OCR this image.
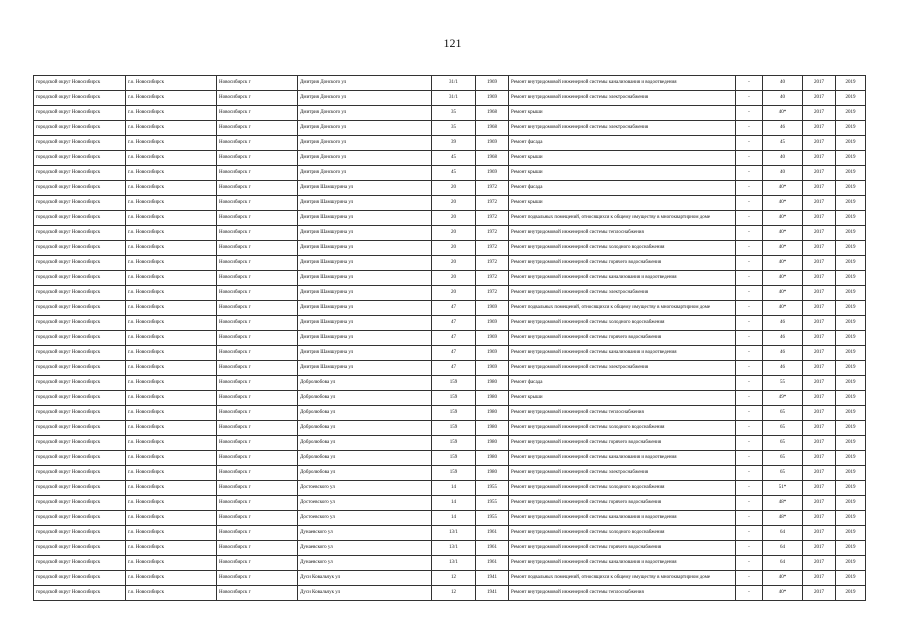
121
городской округ Новосибирск	г.о. Новосибирск	Новосибирск г	Дмитрия Донского ул	31/1	1969	Ремонт внутридомовой инженерной системы канализования и водоотведения	-	40	2017	2019
городской округ Новосибирск	г.о. Новосибирск	Новосибирск г	Дмитрия Донского ул	31/1	1969	Ремонт внутридомовой инженерной системы электроснабжения	-	40	2017	2019
городской округ Новосибирск	г.о. Новосибирск	Новосибирск г	Дмитрия Донского ул	35	1968	Ремонт крыши	-	40*	2017	2019
городской округ Новосибирск	г.о. Новосибирск	Новосибирск г	Дмитрия Донского ул	35	1968	Ремонт внутридомовой инженерной системы электроснабжения	-	46	2017	2019
городской округ Новосибирск	г.о. Новосибирск	Новосибирск г	Дмитрия Донского ул	39	1969	Ремонт фасада	-	45	2017	2019
городской округ Новосибирск	г.о. Новосибирск	Новосибирск г	Дмитрия Донского ул	45	1968	Ремонт крыши	-	40	2017	2019
городской округ Новосибирск	г.о. Новосибирск	Новосибирск г	Дмитрия Донского ул	45	1969	Ремонт крыши	-	40	2017	2019
городской округ Новосибирск	г.о. Новосибирск	Новосибирск г	Дмитрия Шамшурина ул	20	1972	Ремонт фасада	-	40*	2017	2019
городской округ Новосибирск	г.о. Новосибирск	Новосибирск г	Дмитрия Шамшурина ул	20	1972	Ремонт крыши	-	40*	2017	2019
городской округ Новосибирск	г.о. Новосибирск	Новосибирск г	Дмитрия Шамшурина ул	20	1972	Ремонт подвальных помещений, относящихся к общему имуществу в многоквартирном доме	-	40*	2017	2019
городской округ Новосибирск	г.о. Новосибирск	Новосибирск г	Дмитрия Шамшурина ул	20	1972	Ремонт внутридомовой инженерной системы теплоснабжения	-	40*	2017	2019
городской округ Новосибирск	г.о. Новосибирск	Новосибирск г	Дмитрия Шамшурина ул	20	1972	Ремонт внутридомовой инженерной системы холодного водоснабжения	-	40*	2017	2019
городской округ Новосибирск	г.о. Новосибирск	Новосибирск г	Дмитрия Шамшурина ул	20	1972	Ремонт внутридомовой инженерной системы горячего водоснабжения	-	40*	2017	2019
городской округ Новосибирск	г.о. Новосибирск	Новосибирск г	Дмитрия Шамшурина ул	20	1972	Ремонт внутридомовой инженерной системы канализования и водоотведения	-	40*	2017	2019
городской округ Новосибирск	г.о. Новосибирск	Новосибирск г	Дмитрия Шамшурина ул	20	1972	Ремонт внутридомовой инженерной системы электроснабжения	-	40*	2017	2019
городской округ Новосибирск	г.о. Новосибирск	Новосибирск г	Дмитрия Шамшурина ул	47	1969	Ремонт подвальных помещений, относящихся к общему имуществу в многоквартирном доме	-	40*	2017	2019
городской округ Новосибирск	г.о. Новосибирск	Новосибирск г	Дмитрия Шамшурина ул	47	1969	Ремонт внутридомовой инженерной системы холодного водоснабжения	-	46	2017	2019
городской округ Новосибирск	г.о. Новосибирск	Новосибирск г	Дмитрия Шамшурина ул	47	1969	Ремонт внутридомовой инженерной системы горячего водоснабжения	-	46	2017	2019
городской округ Новосибирск	г.о. Новосибирск	Новосибирск г	Дмитрия Шамшурина ул	47	1969	Ремонт внутридомовой инженерной системы канализования и водоотведения	-	46	2017	2019
городской округ Новосибирск	г.о. Новосибирск	Новосибирск г	Дмитрия Шамшурина ул	47	1969	Ремонт внутридомовой инженерной системы электроснабжения	-	46	2017	2019
городской округ Новосибирск	г.о. Новосибирск	Новосибирск г	Добролюбова ул	159	1980	Ремонт фасада	-	55	2017	2019
городской округ Новосибирск	г.о. Новосибирск	Новосибирск г	Добролюбова ул	159	1980	Ремонт крыши	-	49*	2017	2019
городской округ Новосибирск	г.о. Новосибирск	Новосибирск г	Добролюбова ул	159	1980	Ремонт внутридомовой инженерной системы теплоснабжения	-	65	2017	2019
городской округ Новосибирск	г.о. Новосибирск	Новосибирск г	Добролюбова ул	159	1980	Ремонт внутридомовой инженерной системы холодного водоснабжения	-	65	2017	2019
городской округ Новосибирск	г.о. Новосибирск	Новосибирск г	Добролюбова ул	159	1980	Ремонт внутридомовой инженерной системы горячего водоснабжения	-	65	2017	2019
городской округ Новосибирск	г.о. Новосибирск	Новосибирск г	Добролюбова ул	159	1980	Ремонт внутридомовой инженерной системы канализования и водоотведения	-	65	2017	2019
городской округ Новосибирск	г.о. Новосибирск	Новосибирск г	Добролюбова ул	159	1980	Ремонт внутридомовой инженерной системы электроснабжения	-	65	2017	2019
городской округ Новосибирск	г.о. Новосибирск	Новосибирск г	Достоевского ул	14	1955	Ремонт внутридомовой инженерной системы холодного водоснабжения	-	51*	2017	2019
городской округ Новосибирск	г.о. Новосибирск	Новосибирск г	Достоевского ул	14	1955	Ремонт внутридомовой инженерной системы горячего водоснабжения	-	48*	2017	2019
городской округ Новосибирск	г.о. Новосибирск	Новосибирск г	Достоевского ул	14	1955	Ремонт внутридомовой инженерной системы канализования и водоотведения	-	48*	2017	2019
городской округ Новосибирск	г.о. Новосибирск	Новосибирск г	Дунаевского ул	13/1	1961	Ремонт внутридомовой инженерной системы холодного водоснабжения	-	64	2017	2019
городской округ Новосибирск	г.о. Новосибирск	Новосибирск г	Дунаевского ул	13/1	1961	Ремонт внутридомовой инженерной системы горячего водоснабжения	-	64	2017	2019
городской округ Новосибирск	г.о. Новосибирск	Новосибирск г	Дунаевского ул	13/1	1961	Ремонт внутридомовой инженерной системы канализования и водоотведения	-	64	2017	2019
городской округ Новосибирск	г.о. Новосибирск	Новосибирск г	Дуси Ковальчук ул	12	1941	Ремонт подвальных помещений, относящихся к общему имуществу в многоквартирном доме	-	40*	2017	2019
городской округ Новосибирск	г.о. Новосибирск	Новосибирск г	Дуси Ковальчук ул	12	1941	Ремонт внутридомовой инженерной системы теплоснабжения	-	40*	2017	2019
